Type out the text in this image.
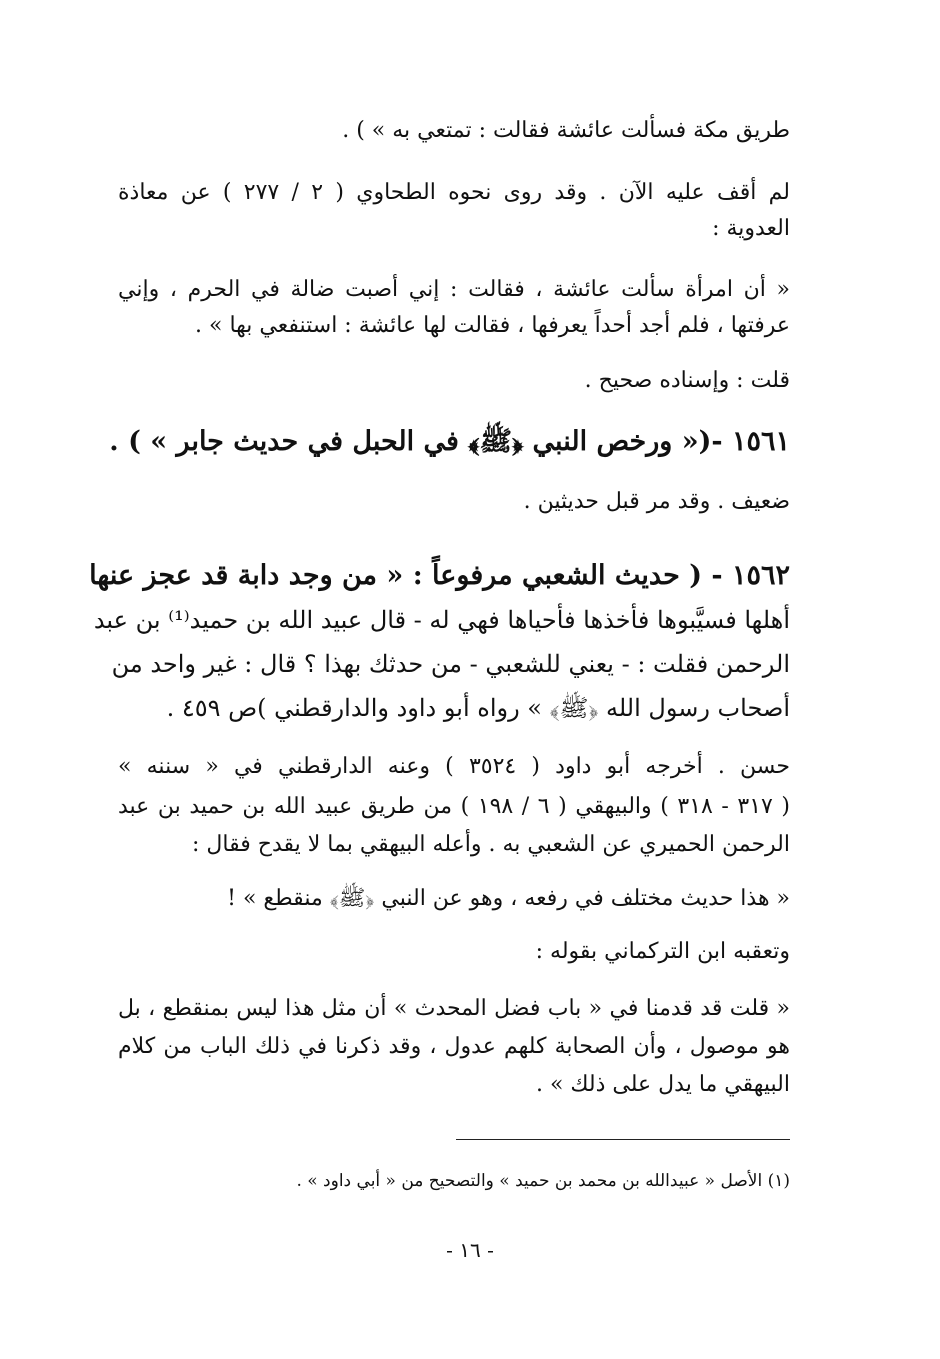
طريق مكة فسألت عائشة فقالت : تمتعي به » ) .
لم أقف عليه الآن . وقد روى نحوه الطحاوي ( ٢ / ٢٧٧ ) عن معاذة
العدوية :
« أن امرأة سألت عائشة ، فقالت : إني أصبت ضالة في الحرم ، وإني
عرفتها ، فلم أجد أحداً يعرفها ، فقالت لها عائشة : استنفعي بها » .
قلت : وإسناده صحيح .
١٥٦١ -(« ورخص النبي ﴿ﷺ﴾ في الحبل في حديث جابر » ) .
ضعيف . وقد مر قبل حديثين .
١٥٦٢ - ( حديث الشعبي مرفوعاً : « من وجد دابة قد عجز عنها
أهلها فسيَّبوها فأخذها فأحياها فهي له - قال عبيد الله بن حميد⁽¹⁾ بن عبد
الرحمن فقلت : - يعني للشعبي - من حدثك بهذا ؟ قال : غير واحد من
أصحاب رسول الله ﴿ﷺ﴾ » رواه أبو داود والدارقطني )ص ٤٥٩ .
حسن . أخرجه أبو داود ( ٣٥٢٤ ) وعنه الدارقطني في « سننه »
( ٣١٧ - ٣١٨ ) والبيهقي ( ٦ / ١٩٨ ) من طريق عبيد الله بن حميد بن عبد
الرحمن الحميري عن الشعبي به . وأعله البيهقي بما لا يقدح فقال :
« هذا حديث مختلف في رفعه ، وهو عن النبي ﴿ﷺ﴾ منقطع » !
وتعقبه ابن التركماني بقوله :
« قلت قد قدمنا في « باب فضل المحدث » أن مثل هذا ليس بمنقطع ، بل
هو موصول ، وأن الصحابة كلهم عدول ، وقد ذكرنا في ذلك الباب من كلام
البيهقي ما يدل على ذلك » .
(١) الأصل « عبيدالله بن محمد بن حميد » والتصحيح من « أبي داود » .
- ١٦ -
